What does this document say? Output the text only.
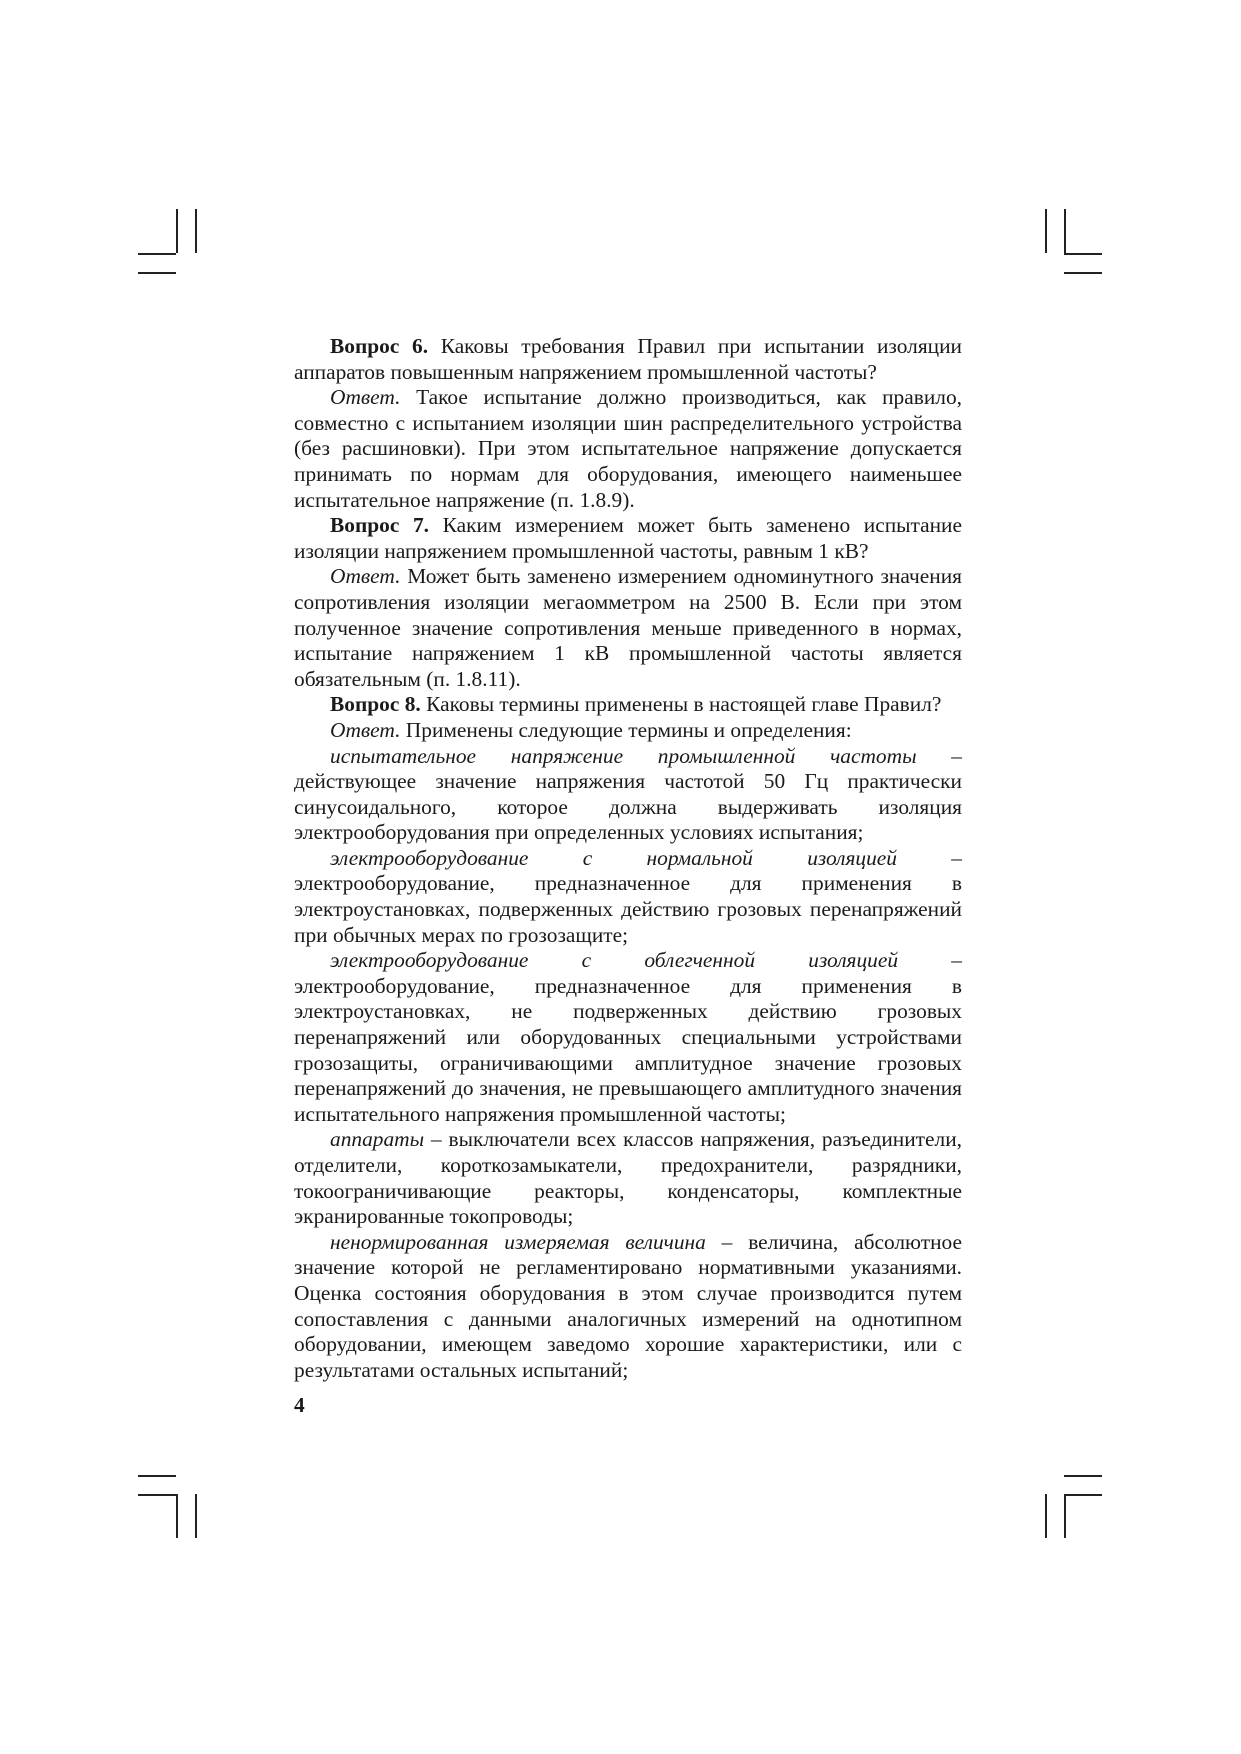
Вопрос 6. Каковы требования Правил при испытании изоляции аппаратов повышенным напряжением промышленной частоты?

Ответ. Такое испытание должно производиться, как правило, совместно с испытанием изоляции шин распределительного устройства (без расшиновки). При этом испытательное напряжение допускается принимать по нормам для оборудования, имеющего наименьшее испытательное напряжение (п. 1.8.9).

Вопрос 7. Каким измерением может быть заменено испытание изоляции напряжением промышленной частоты, равным 1 кВ?

Ответ. Может быть заменено измерением одноминутного значения сопротивления изоляции мегаомметром на 2500 В. Если при этом полученное значение сопротивления меньше приведенного в нормах, испытание напряжением 1 кВ промышленной частоты является обязательным (п. 1.8.11).

Вопрос 8. Каковы термины применены в настоящей главе Правил?

Ответ. Применены следующие термины и определения:

испытательное напряжение промышленной частоты – действующее значение напряжения частотой 50 Гц практически синусоидального, которое должна выдерживать изоляция электрооборудования при определенных условиях испытания;

электрооборудование с нормальной изоляцией – электрооборудование, предназначенное для применения в электроустановках, подверженных действию грозовых перенапряжений при обычных мерах по грозозащите;

электрооборудование с облегченной изоляцией – электрооборудование, предназначенное для применения в электроустановках, не подверженных действию грозовых перенапряжений или оборудованных специальными устройствами грозозащиты, ограничивающими амплитудное значение грозовых перенапряжений до значения, не превышающего амплитудного значения испытательного напряжения промышленной частоты;

аппараты – выключатели всех классов напряжения, разъединители, отделители, короткозамыкатели, предохранители, разрядники, токоограничивающие реакторы, конденсаторы, комплектные экранированные токопроводы;

ненормированная измеряемая величина – величина, абсолютное значение которой не регламентировано нормативными указаниями. Оценка состояния оборудования в этом случае производится путем сопоставления с данными аналогичных измерений на однотипном оборудовании, имеющем заведомо хорошие характеристики, или с результатами остальных испытаний;

4
